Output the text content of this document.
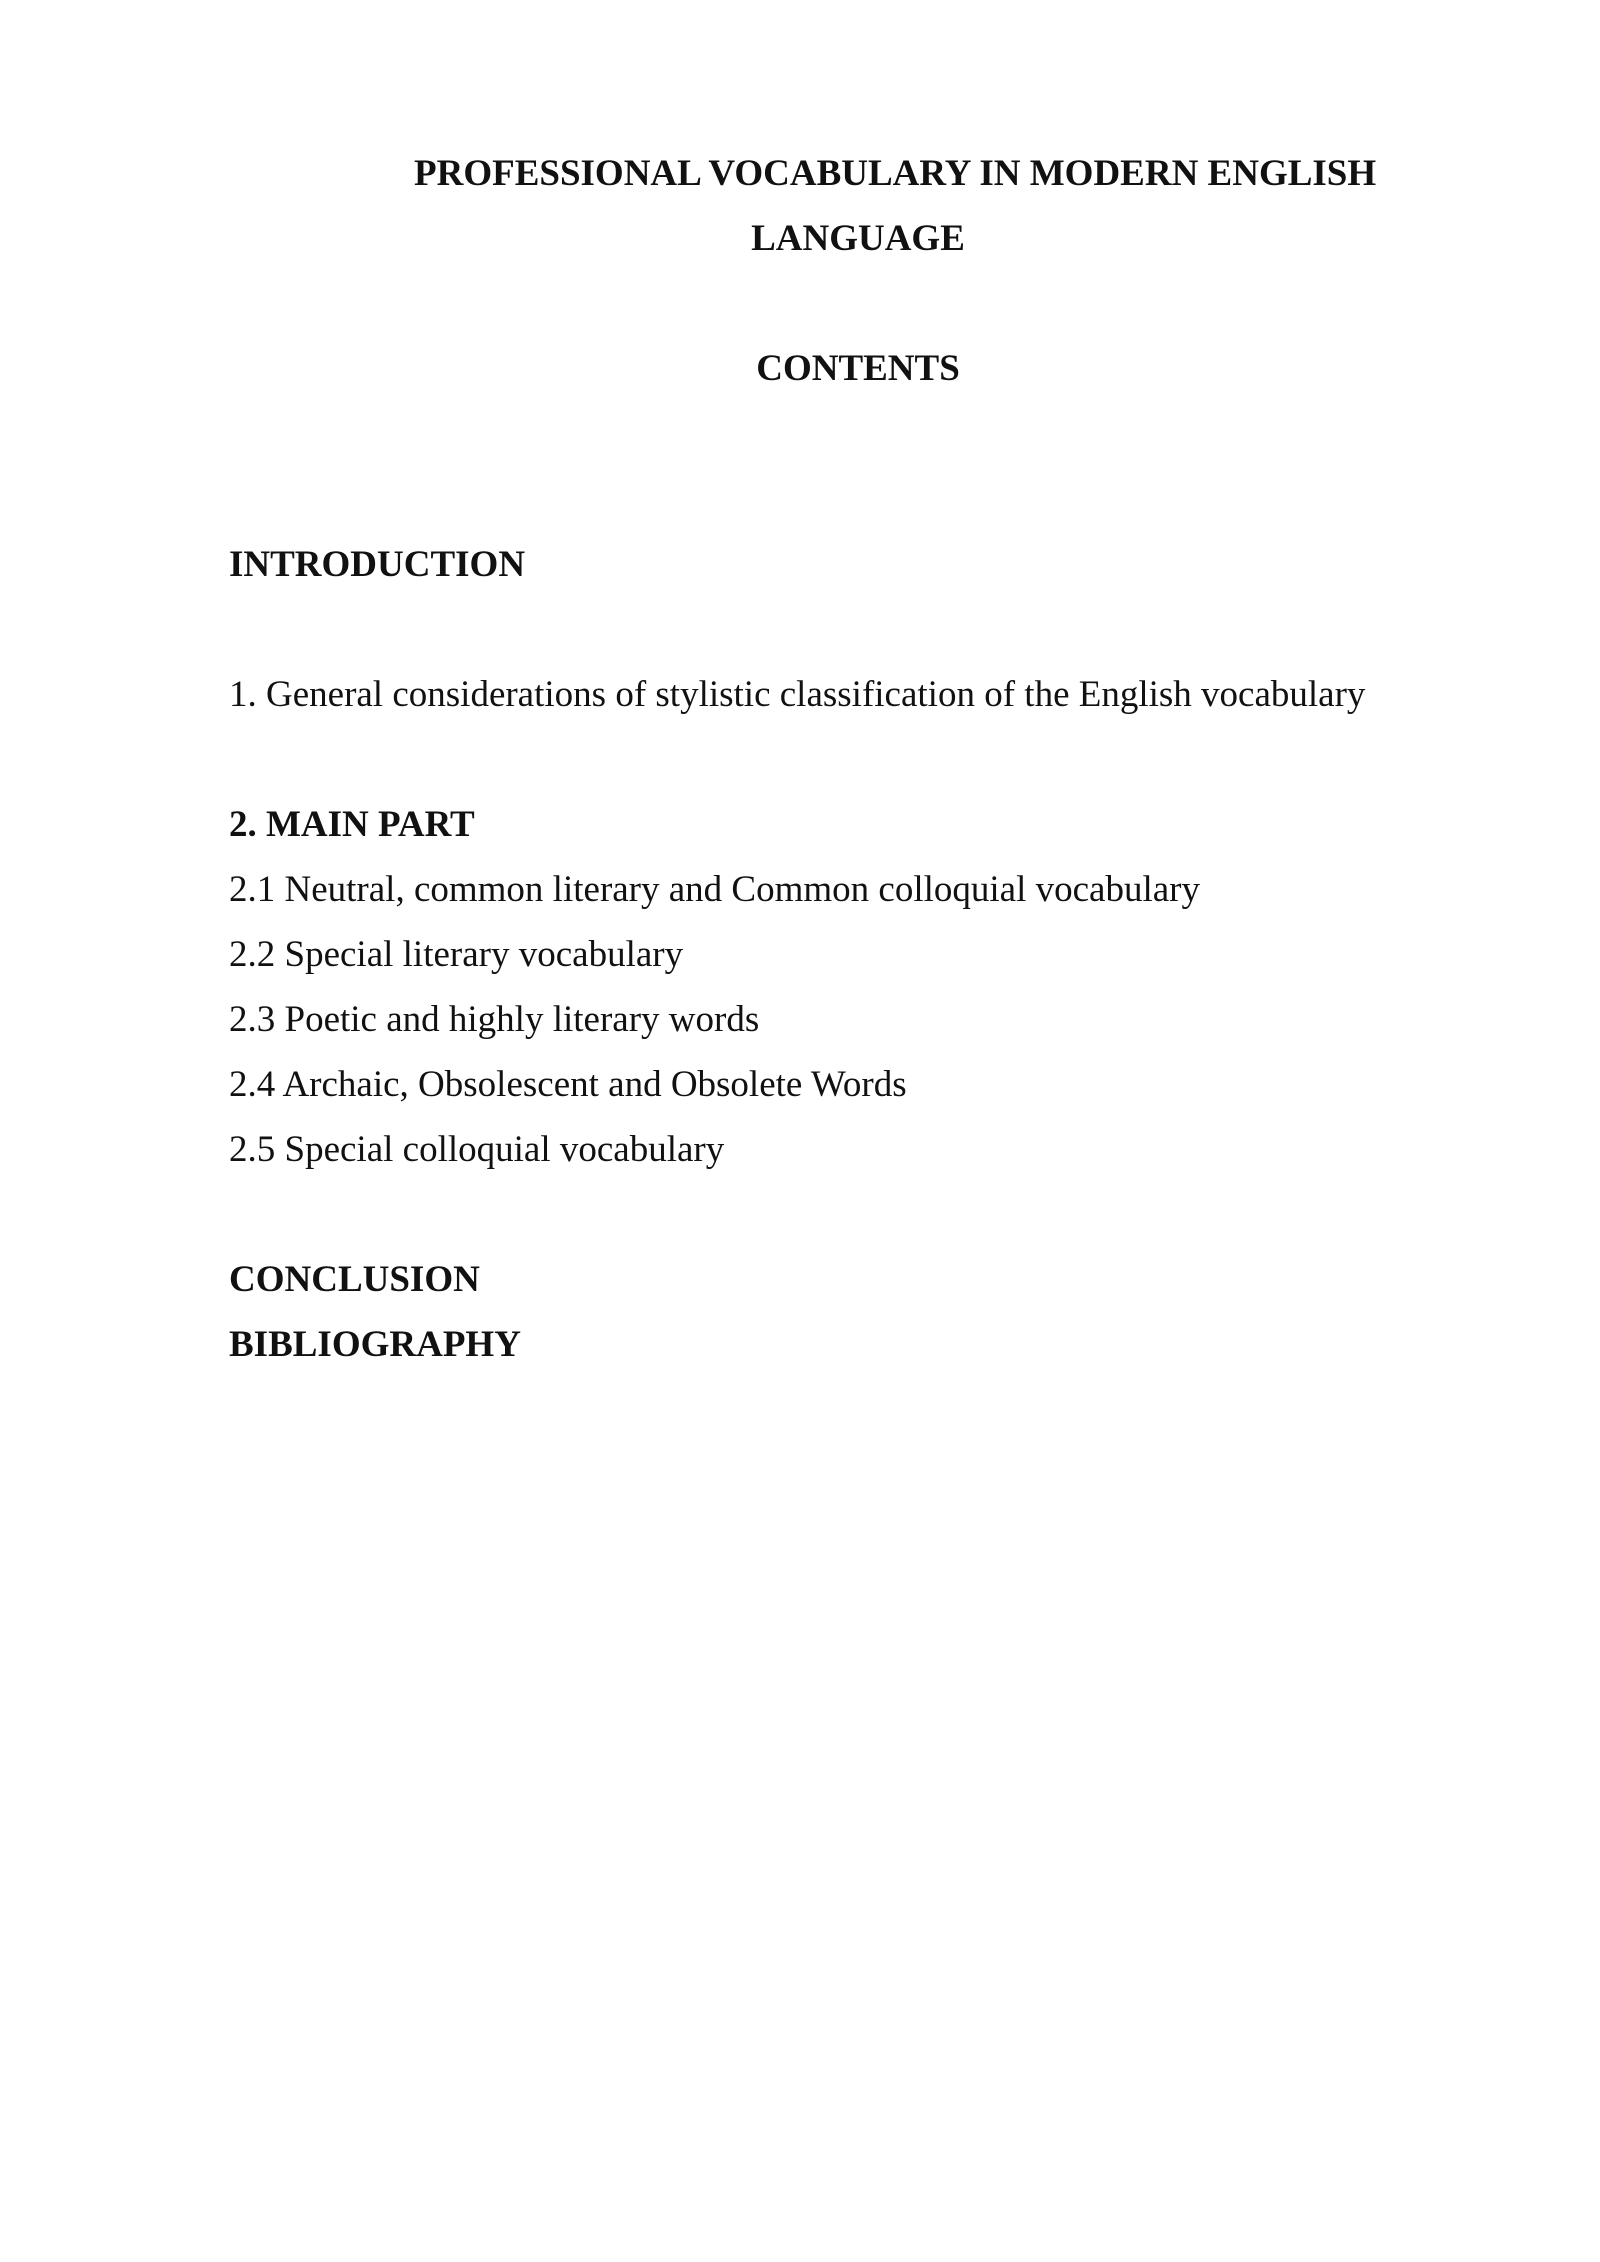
PROFESSIONAL VOCABULARY IN MODERN ENGLISH
LANGUAGE
CONTENTS
INTRODUCTION
1. General considerations of stylistic classification of the English vocabulary
2. MAIN PART
2.1 Neutral, common literary and Common colloquial vocabulary
2.2 Special literary vocabulary
2.3 Poetic and highly literary words
2.4 Archaic, Obsolescent and Obsolete Words
2.5 Special colloquial vocabulary
CONCLUSION
BIBLIOGRAPHY
